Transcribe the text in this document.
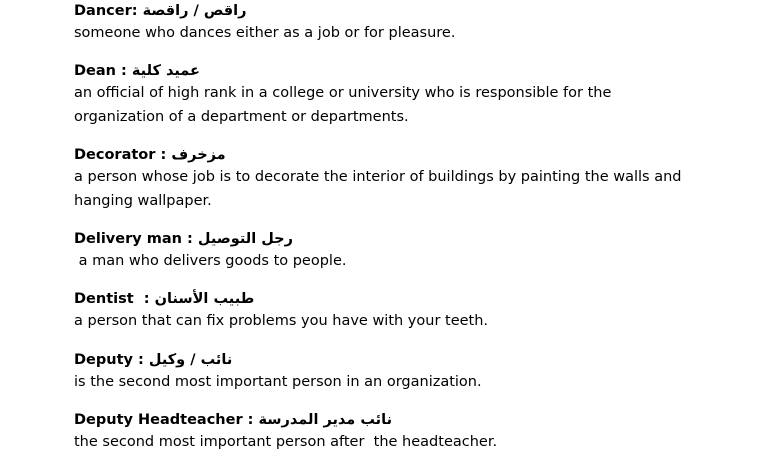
Dancer: راقص / راقصة
someone who dances either as a job or for pleasure.
Dean : عميد كلية
an official of high rank in a college or university who is responsible for the
organization of a department or departments.
Decorator : مزخرف
a person whose job is to decorate the interior of buildings by painting the walls and
hanging wallpaper.
Delivery man : رجل التوصيل
a man who delivers goods to people.
Dentist  : طبيب الأسنان
a person that can fix problems you have with your teeth.
Deputy : نائب / وكيل
is the second most important person in an organization.
Deputy Headteacher : نائب مدير المدرسة
the second most important person after  the headteacher.
